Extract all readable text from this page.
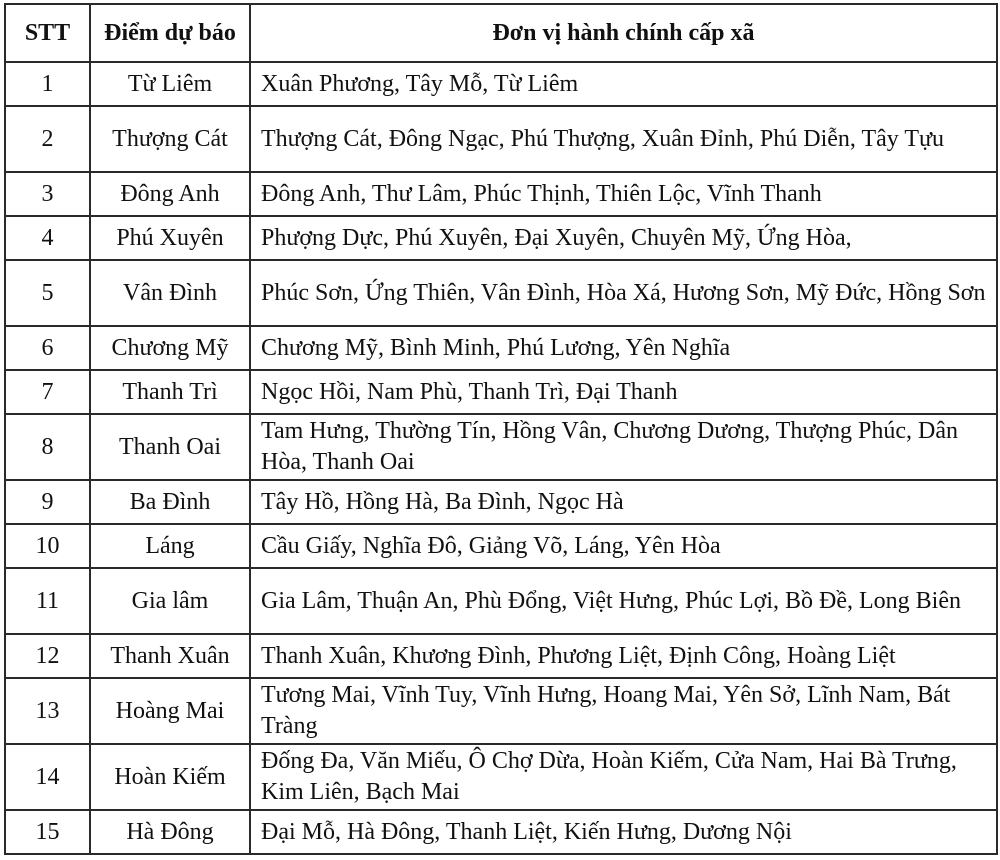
STT	Điểm dự báo	Đơn vị hành chính cấp xã
1	Từ Liêm	Xuân Phương, Tây Mỗ, Từ Liêm
2	Thượng Cát	Thượng Cát, Đông Ngạc, Phú Thượng, Xuân Đỉnh, Phú Diễn, Tây Tựu
3	Đông Anh	Đông Anh, Thư Lâm, Phúc Thịnh, Thiên Lộc, Vĩnh Thanh
4	Phú Xuyên	Phượng Dực, Phú Xuyên, Đại Xuyên, Chuyên Mỹ, Ứng Hòa,
5	Vân Đình	Phúc Sơn, Ứng Thiên, Vân Đình, Hòa Xá, Hương Sơn, Mỹ Đức, Hồng Sơn
6	Chương Mỹ	Chương Mỹ, Bình Minh, Phú Lương, Yên Nghĩa
7	Thanh Trì	Ngọc Hồi, Nam Phù, Thanh Trì, Đại Thanh
8	Thanh Oai	Tam Hưng, Thường Tín, Hồng Vân, Chương Dương, Thượng Phúc, Dân Hòa, Thanh Oai
9	Ba Đình	Tây Hồ, Hồng Hà, Ba Đình, Ngọc Hà
10	Láng	Cầu Giấy, Nghĩa Đô, Giảng Võ, Láng, Yên Hòa
11	Gia lâm	Gia Lâm, Thuận An, Phù Đổng, Việt Hưng, Phúc Lợi, Bồ Đề, Long Biên
12	Thanh Xuân	Thanh Xuân, Khương Đình, Phương Liệt, Định Công, Hoàng Liệt
13	Hoàng Mai	Tương Mai, Vĩnh Tuy, Vĩnh Hưng, Hoang Mai, Yên Sở, Lĩnh Nam, Bát Tràng
14	Hoàn Kiếm	Đống Đa, Văn Miếu, Ô Chợ Dừa, Hoàn Kiếm, Cửa Nam, Hai Bà Trưng, Kim Liên, Bạch Mai
15	Hà Đông	Đại Mỗ, Hà Đông, Thanh Liệt, Kiến Hưng, Dương Nội
